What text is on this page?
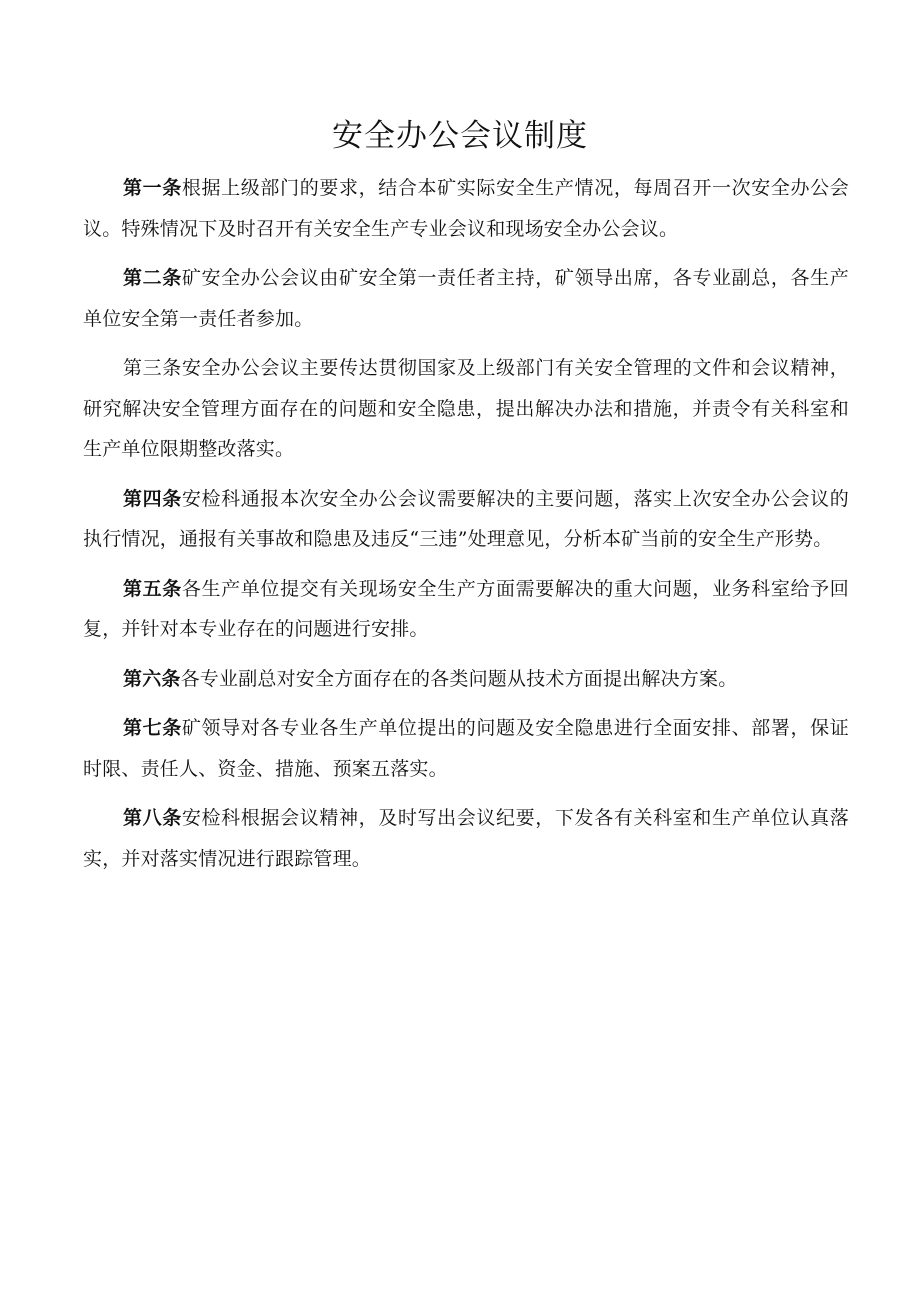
安全办公会议制度

第一条根据上级部门的要求，结合本矿实际安全生产情况，每周召开一次安全办公会议。特殊情况下及时召开有关安全生产专业会议和现场安全办公会议。

第二条矿安全办公会议由矿安全第一责任者主持，矿领导出席，各专业副总，各生产单位安全第一责任者参加。

第三条安全办公会议主要传达贯彻国家及上级部门有关安全管理的文件和会议精神，研究解决安全管理方面存在的问题和安全隐患，提出解决办法和措施，并责令有关科室和生产单位限期整改落实。

第四条安检科通报本次安全办公会议需要解决的主要问题，落实上次安全办公会议的执行情况，通报有关事故和隐患及违反“三违”处理意见，分析本矿当前的安全生产形势。

第五条各生产单位提交有关现场安全生产方面需要解决的重大问题，业务科室给予回复，并针对本专业存在的问题进行安排。

第六条各专业副总对安全方面存在的各类问题从技术方面提出解决方案。

第七条矿领导对各专业各生产单位提出的问题及安全隐患进行全面安排、部署，保证时限、责任人、资金、措施、预案五落实。

第八条安检科根据会议精神，及时写出会议纪要，下发各有关科室和生产单位认真落实，并对落实情况进行跟踪管理。
